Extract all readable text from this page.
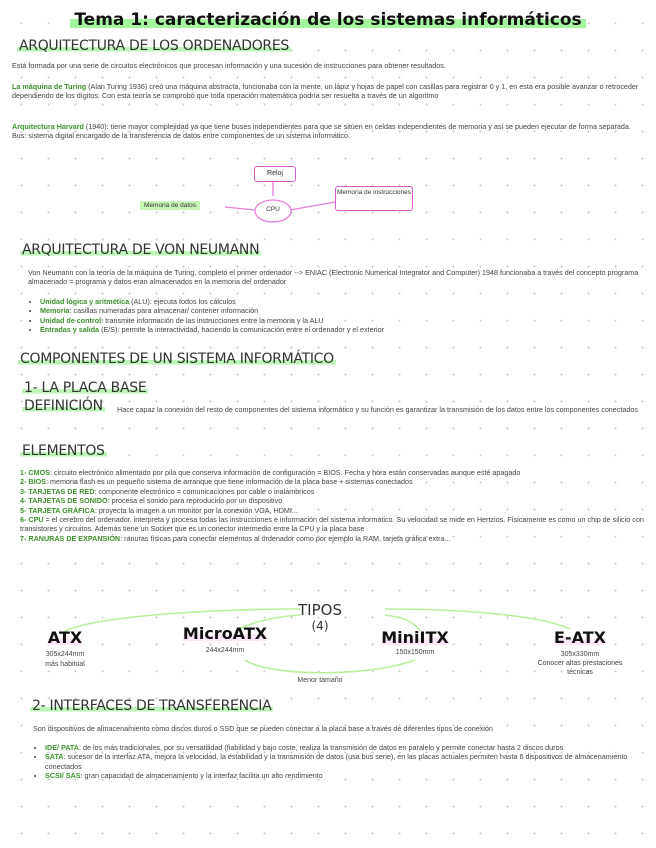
Tema 1: caracterización de los sistemas informáticos
ARQUITECTURA DE LOS ORDENADORES
Está formada por una serie de circuitos electrónicos que procesan información y una sucesión de instrucciones para obtener resultados.
La máquina de Turing (Alan Turing 1936) creó una máquina abstracta, funcionaba con la mente, un lápiz y hojas de papel con casillas para registrar 0 y 1, en esta era posible avanzar o retroceder dependiendo de los dígitos. Con esta teoría se comprobó que toda operación matemática podría ser resuelta a través de un algoritmo
Arquitectura Harvard (1940): tiene mayor complejidad ya que tiene buses independientes para que se sitúen en celdas independientes de memoria y así se pueden ejecutar de forma separada. Bus: sistema digital encargado de la transferencia de datos entre componentes de un sistema informático.
Reloj
CPU
Memoria de datos
Memoria de instrucciones
ARQUITECTURA DE VON NEUMANN
Von Neumann con la teoría de la máquina de Turing, completó el primer ordenador --> ENIAC (Electronic Numerical Integrator and Computer) 1948 funcionaba a través del concepto programa almacenado = programa y datos eran almacenados en la memoria del ordenador
• Unidad lógica y aritmética (ALU): ejecuta todos los cálculos
• Memoria: casillas numeradas para almacenar/ contener información
• Unidad de control: transmite información de las instrucciones entre la memoria y la ALU
• Entradas y salida (E/S): permite la interactividad, haciendo la comunicación entre el ordenador y el exterior
COMPONENTES DE UN SISTEMA INFORMÁTICO
1- LA PLACA BASE
DEFINICIÓN Hace capaz la conexión del resto de componentes del sistema informático y su función es garantizar la transmisión de los datos entre los componentes conectados
ELEMENTOS
1- CMOS: circuito electrónico alimentado por pila que conserva información de configuración = BIOS. Fecha y hora están conservadas aunque esté apagado
2- BIOS: memoria flash es un pequeño sistema de arranque que tiene información de la placa base + sistemas conectados
3- TARJETAS DE RED: componente electrónico = comunicaciones por cable o inalámbricos
4- TARJETAS DE SONIDO: procesa el sonido para reproducirlo por un dispositivo
5- TARJETA GRÁFICA: proyecta la imagen a un monitor por la conexión VGA, HDMI...
6- CPU = el cerebro del ordenador. interpreta y procesa todas las instrucciones e información del sistema informático. Su velocidad se mide en Hertzios. Físicamente es como un chip de silicio con transistores y circuitos. Además tiene un Socket que es un conector intermedio entre la CPU y la placa base
7- RANURAS DE EXPANSIÓN: ranuras físicas para conectar elementos al ordenador como por ejemplo la RAM, tarjeta gráfica extra...
TIPOS
(4)
ATX
305x244mm
más habitual
MicroATX
244x244mm
MiniITX
150x150mm
E-ATX
305x330mm
Conocer altas prestaciones técnicas
Menor tamaño
2- INTERFACES DE TRANSFERENCIA
Son dispositivos de almacenamiento como discos duros o SSD que se pueden conectar a la placa base a través de diferentes tipos de conexión
• IDE/ PATA: de los más tradicionales, por su versatilidad (fiabilidad y bajo coste, realiza la transmisión de datos en paralelo y permite conectar hasta 2 discos duros
• SATA: sucesor de la interfaz ATA, mejora la velocidad, la estabilidad y la transmisión de datos (usa bus serie), en las placas actuales permiten hasta 6 dispositivos de almacenamiento conectados
• SCSI/ SAS: gran capacidad de almacenamiento y la interfaz facilita un alto rendimiento
